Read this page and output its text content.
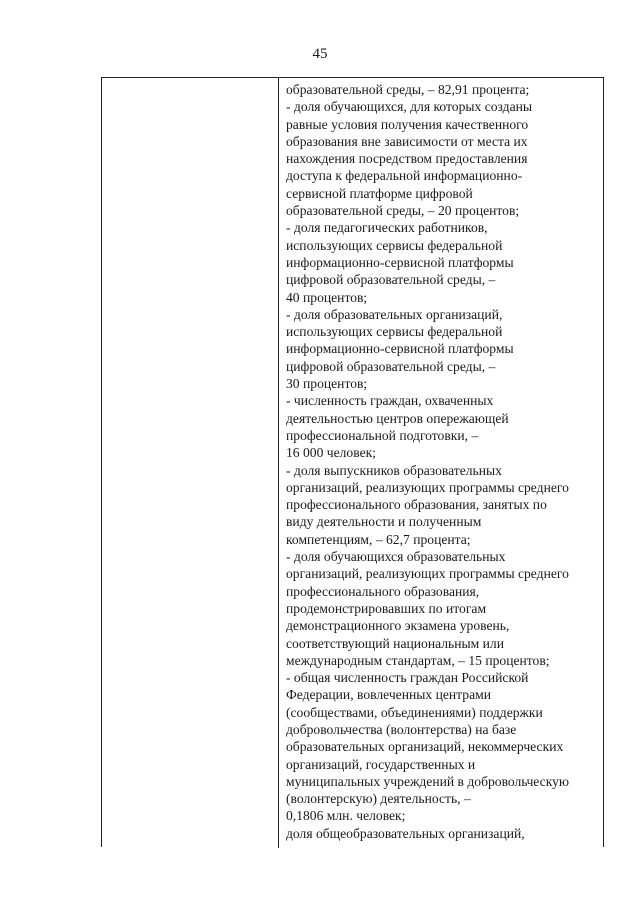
45
образовательной среды, – 82,91 процента;
- доля обучающихся, для которых созданы
равные условия получения качественного
образования вне зависимости от места их
нахождения посредством предоставления
доступа к федеральной информационно-
сервисной платформе цифровой
образовательной среды, – 20 процентов;
- доля педагогических работников,
использующих сервисы федеральной
информационно-сервисной платформы
цифровой образовательной среды, –
40 процентов;
- доля образовательных организаций,
использующих сервисы федеральной
информационно-сервисной платформы
цифровой образовательной среды, –
30 процентов;
- численность граждан, охваченных
деятельностью центров опережающей
профессиональной подготовки, –
16 000 человек;
- доля выпускников образовательных
организаций, реализующих программы среднего
профессионального образования, занятых по
виду деятельности и полученным
компетенциям, – 62,7 процента;
- доля обучающихся образовательных
организаций, реализующих программы среднего
профессионального образования,
продемонстрировавших по итогам
демонстрационного экзамена уровень,
соответствующий национальным или
международным стандартам, – 15 процентов;
- общая численность граждан Российской
Федерации, вовлеченных центрами
(сообществами, объединениями) поддержки
добровольчества (волонтерства) на базе
образовательных организаций, некоммерческих
организаций, государственных и
муниципальных учреждений в добровольческую
(волонтерскую) деятельность, –
0,1806 млн. человек;
доля общеобразовательных организаций,
